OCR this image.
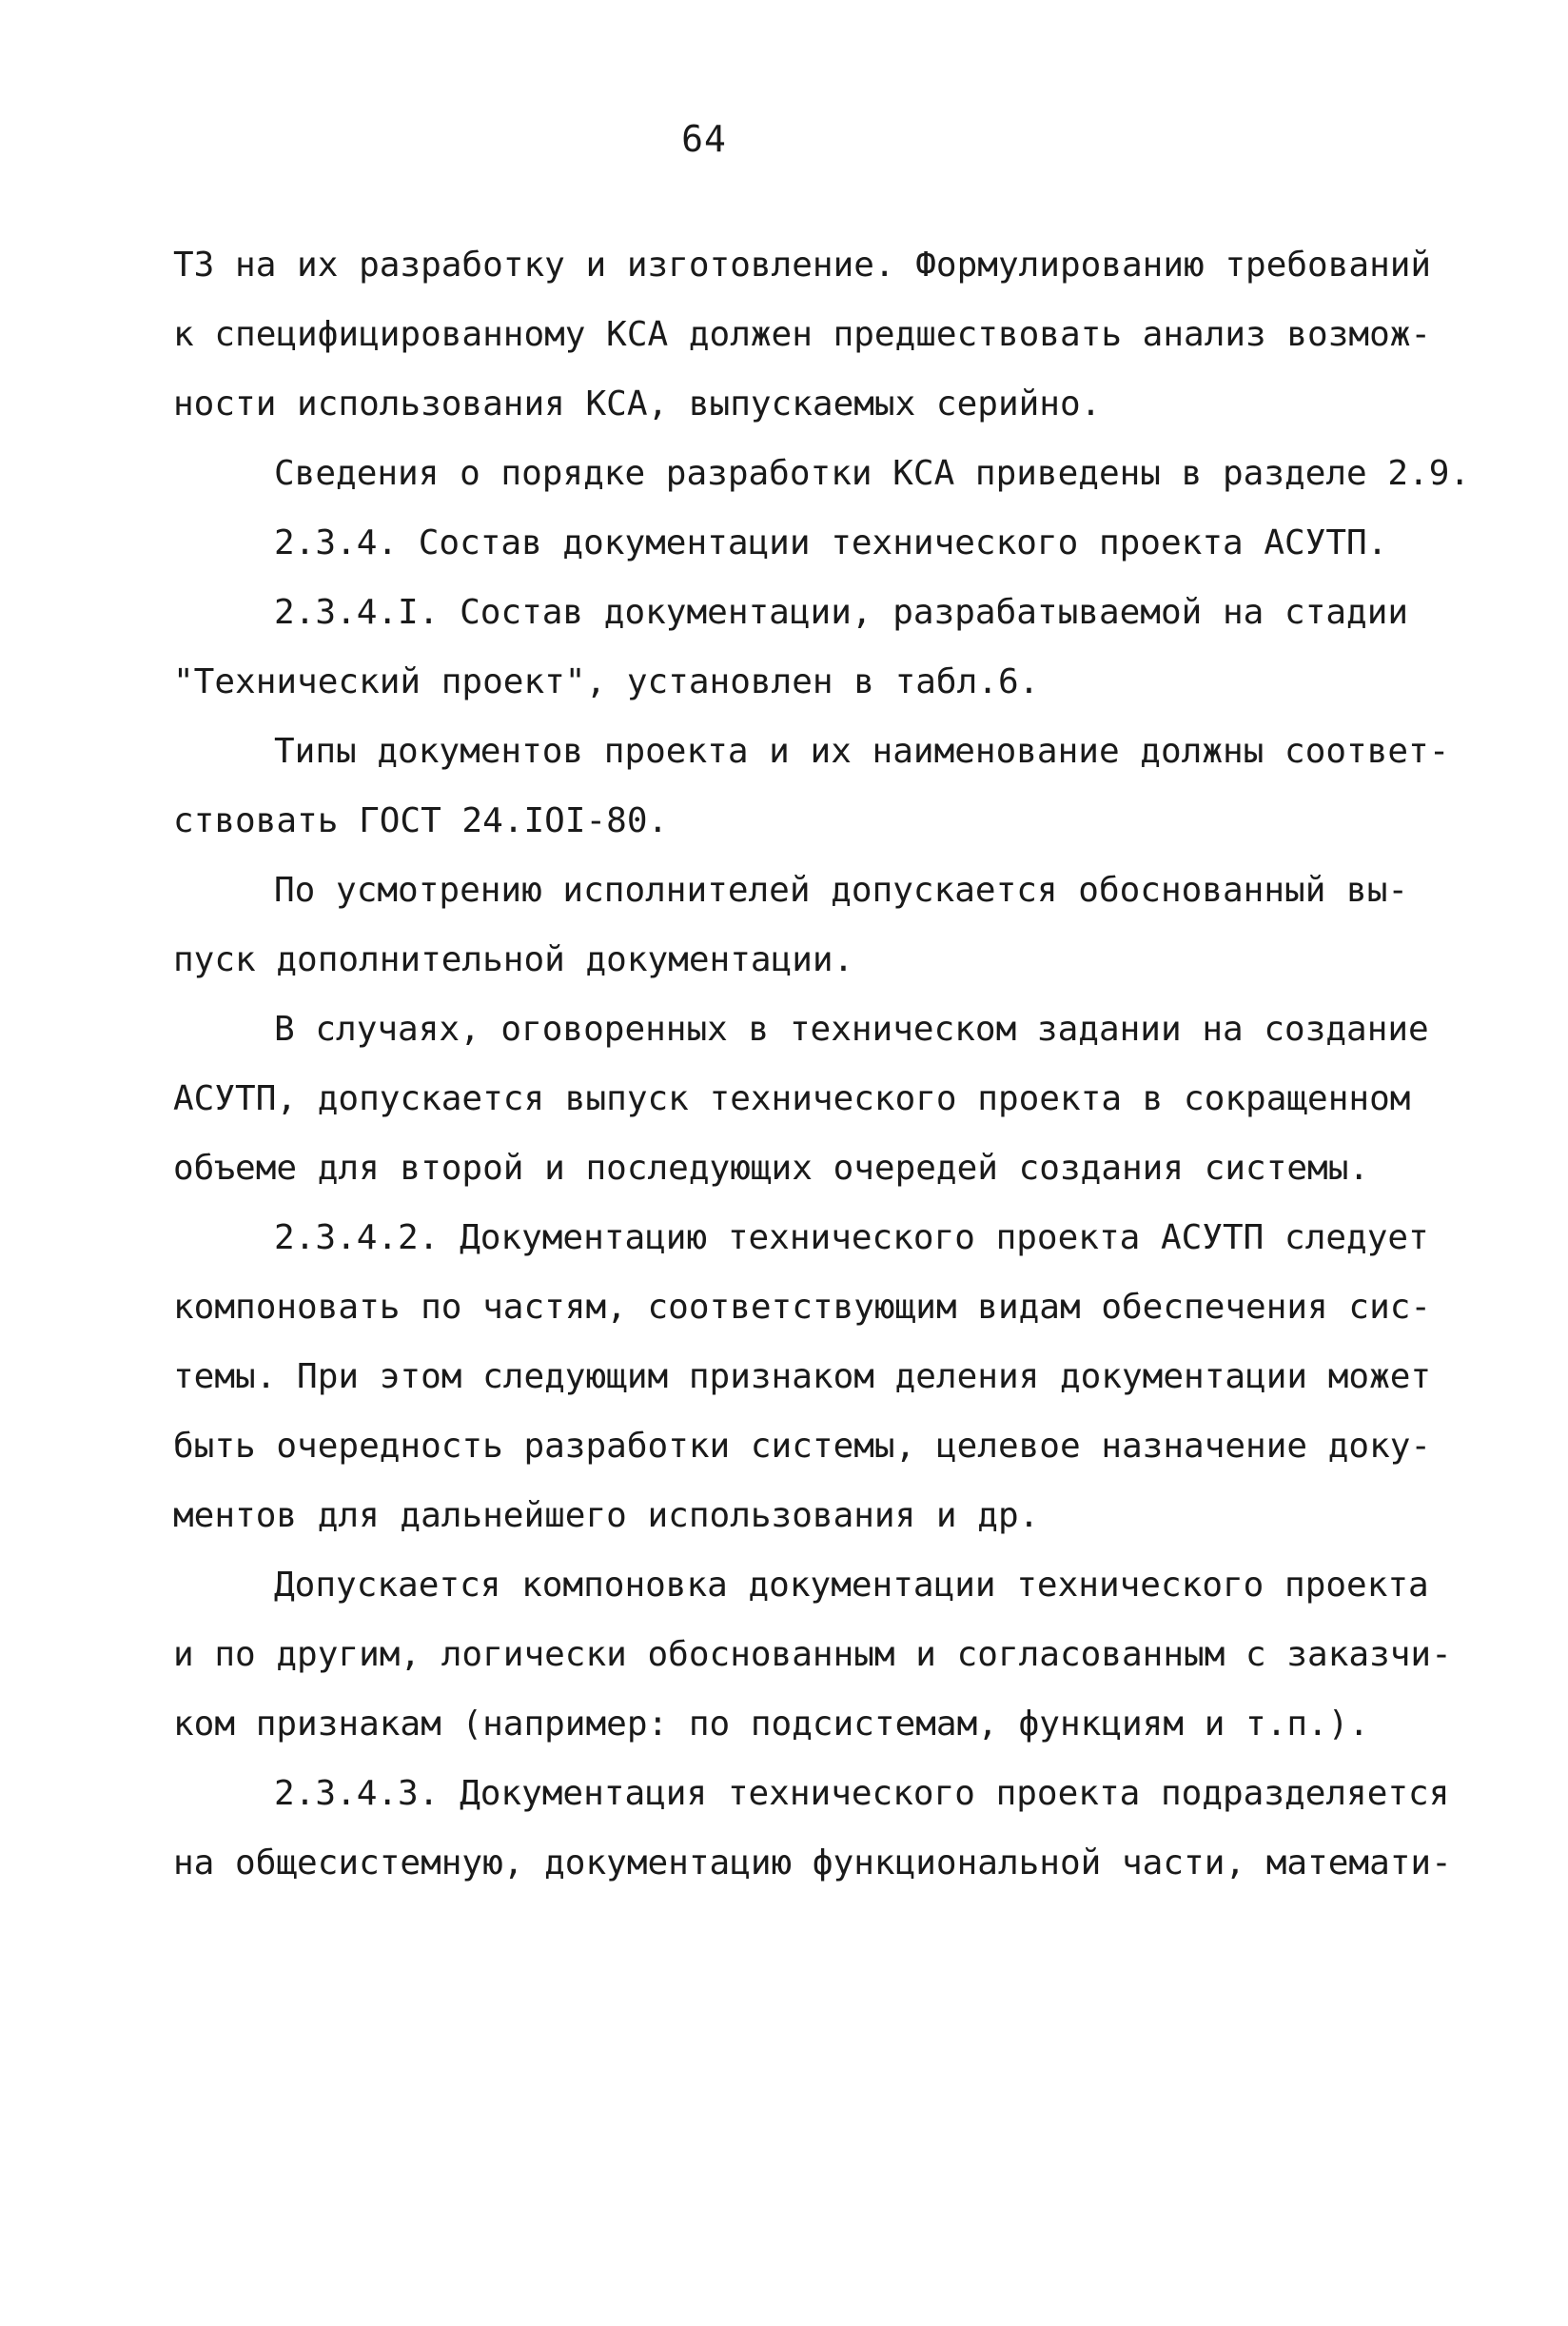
64
ТЗ на их разработку и изготовление. Формулированию требований
к специфицированному КСА должен предшествовать анализ возмож-
ности использования КСА, выпускаемых серийно.
Сведения о порядке разработки КСА приведены в разделе 2.9.
2.3.4. Состав документации технического проекта АСУТП.
2.3.4.I. Состав документации, разрабатываемой на стадии
"Технический проект", установлен в табл.6.
Типы документов проекта и их наименование должны соответ-
ствовать ГОСТ 24.IOI-80.
По усмотрению исполнителей допускается обоснованный вы-
пуск дополнительной документации.
В случаях, оговоренных в техническом задании на создание
АСУТП, допускается выпуск технического проекта в сокращенном
объеме для второй и последующих очередей создания системы.
2.3.4.2. Документацию технического проекта АСУТП следует
компоновать по частям, соответствующим видам обеспечения сис-
темы. При этом следующим признаком деления документации может
быть очередность разработки системы, целевое назначение доку-
ментов для дальнейшего использования и др.
Допускается компоновка документации технического проекта
и по другим, логически обоснованным и согласованным с заказчи-
ком признакам (например: по подсистемам, функциям и т.п.).
2.3.4.3. Документация технического проекта подразделяется
на общесистемную, документацию функциональной части, математи-
